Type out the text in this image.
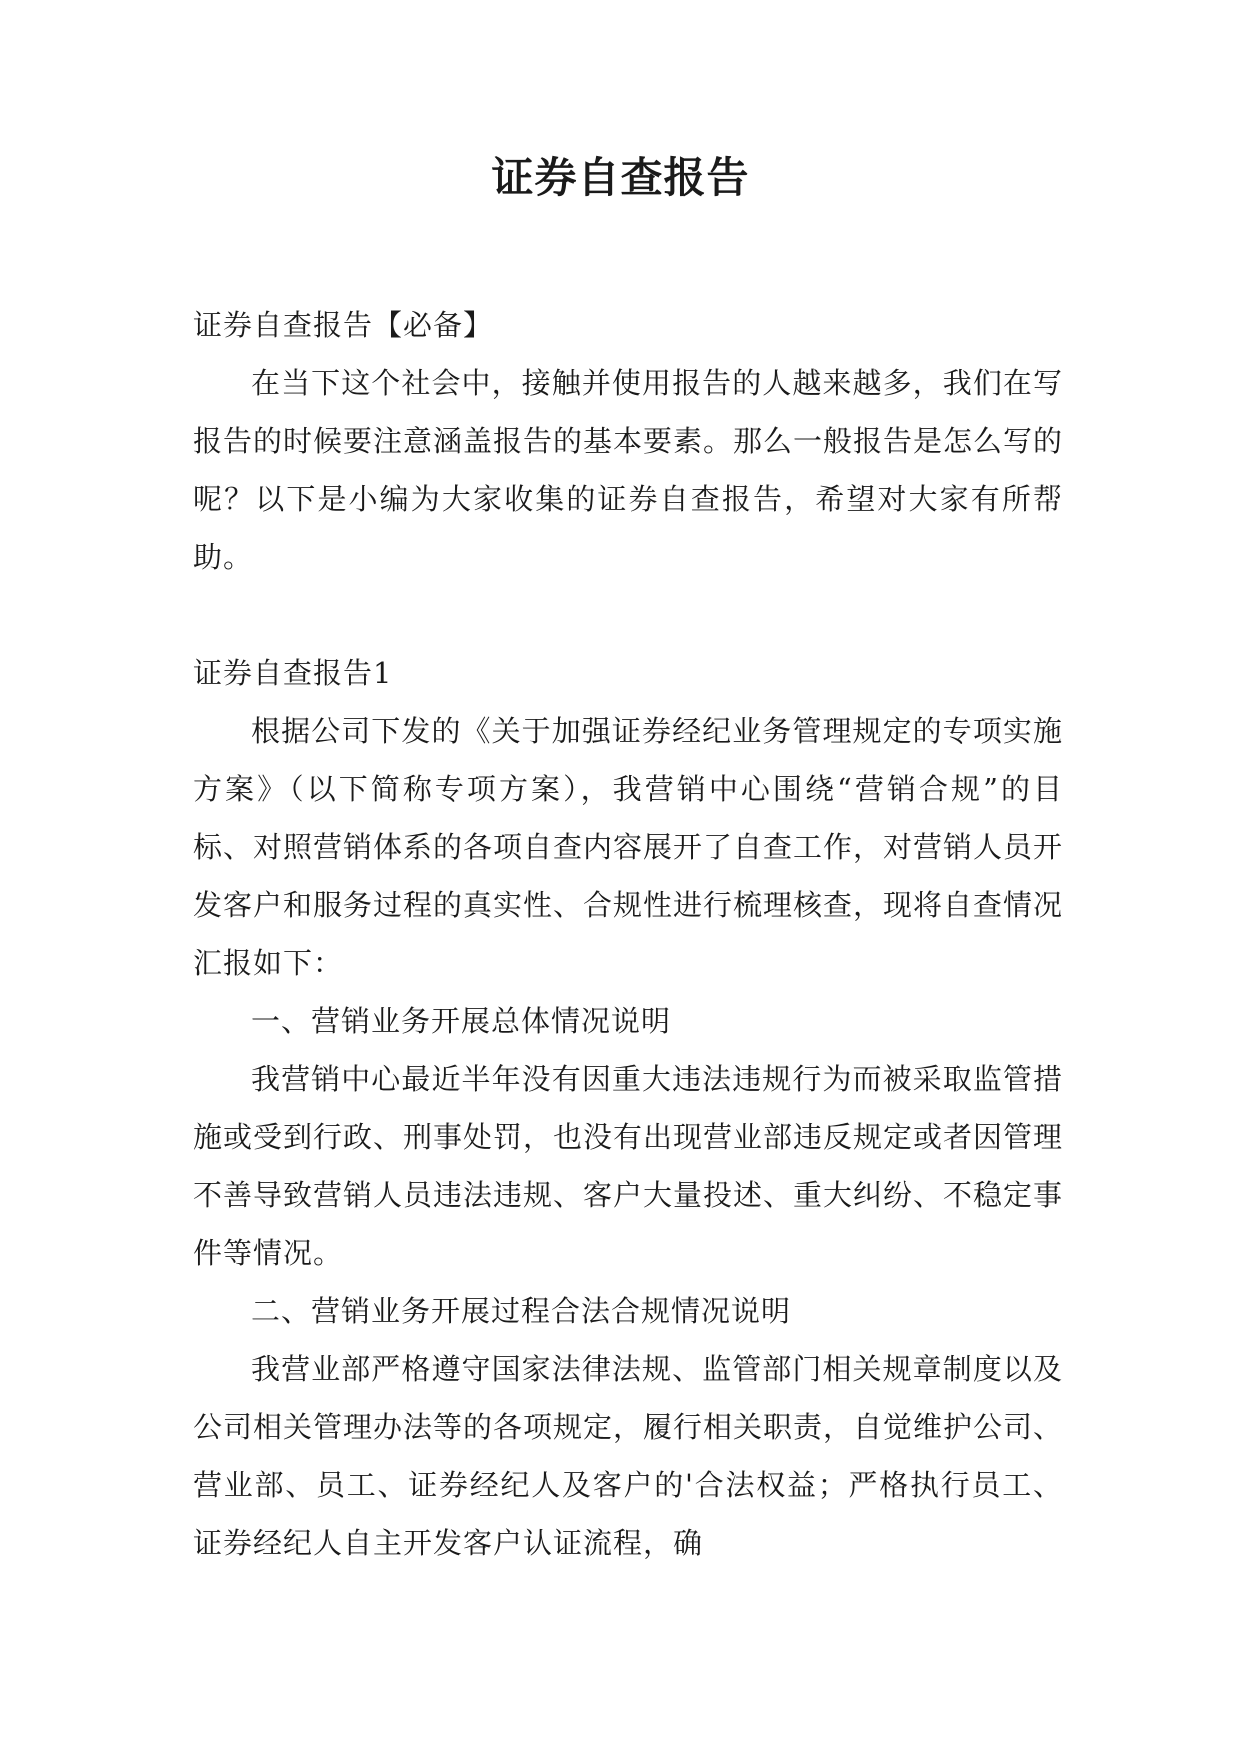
证券自查报告

证券自查报告【必备】

在当下这个社会中，接触并使用报告的人越来越多，我们在写报告的时候要注意涵盖报告的基本要素。那么一般报告是怎么写的呢？以下是小编为大家收集的证券自查报告，希望对大家有所帮助。

证券自查报告1

根据公司下发的《关于加强证券经纪业务管理规定的专项实施方案》（以下简称专项方案），我营销中心围绕“营销合规”的目标、对照营销体系的各项自查内容展开了自查工作，对营销人员开发客户和服务过程的真实性、合规性进行梳理核查，现将自查情况汇报如下：

一、营销业务开展总体情况说明

我营销中心最近半年没有因重大违法违规行为而被采取监管措施或受到行政、刑事处罚，也没有出现营业部违反规定或者因管理不善导致营销人员违法违规、客户大量投述、重大纠纷、不稳定事件等情况。

二、营销业务开展过程合法合规情况说明

我营业部严格遵守国家法律法规、监管部门相关规章制度以及公司相关管理办法等的各项规定，履行相关职责，自觉维护公司、营业部、员工、证券经纪人及客户的'合法权益；严格执行员工、证券经纪人自主开发客户认证流程，确
